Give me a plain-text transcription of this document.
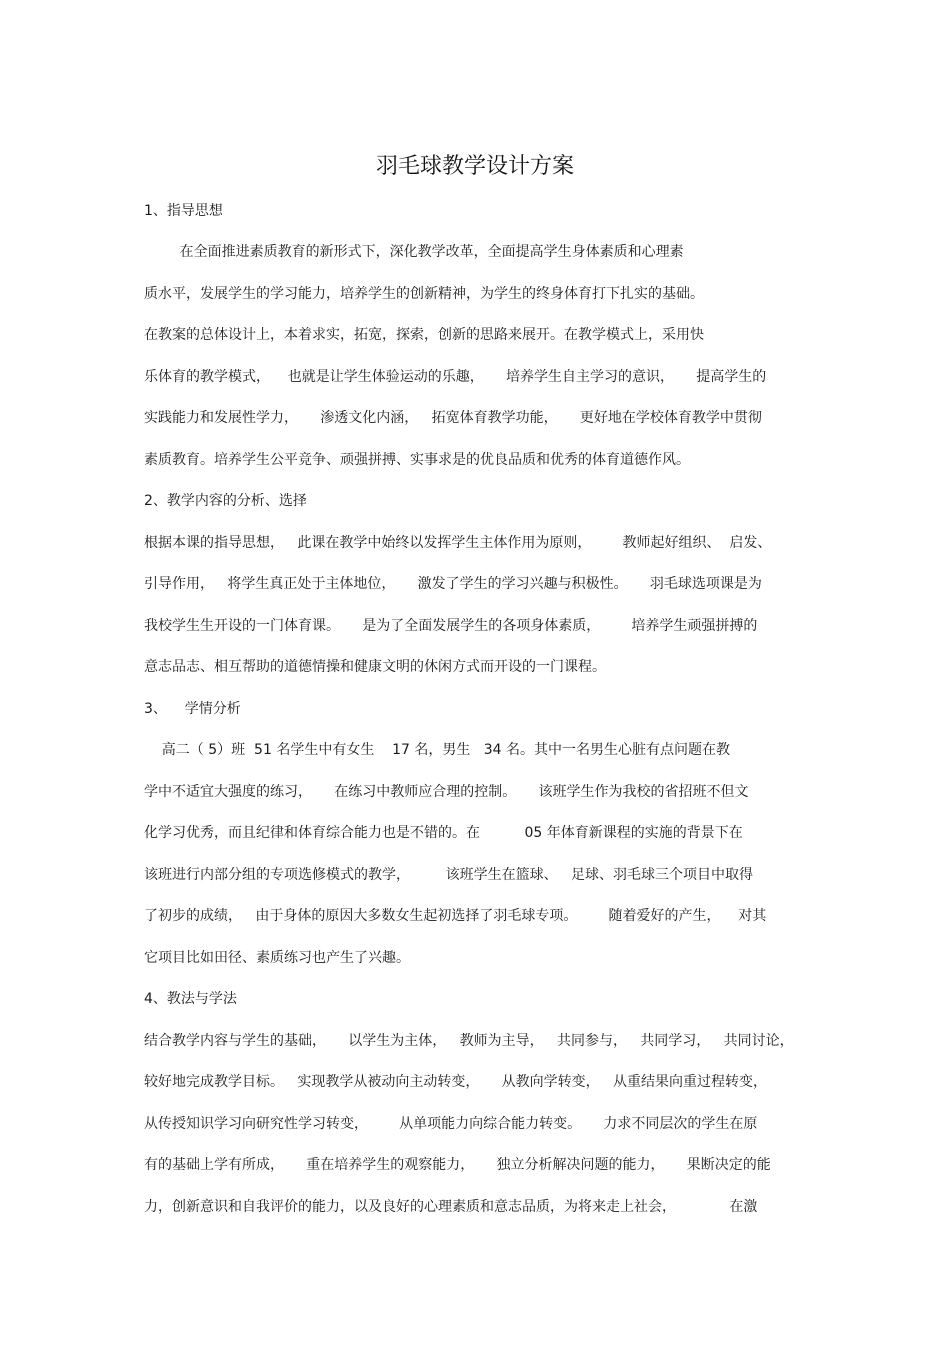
羽毛球教学设计方案
1、指导思想
在全面推进素质教育的新形式下，深化教学改革，全面提高学生身体素质和心理素
质水平，发展学生的学习能力，培养学生的创新精神，为学生的终身体育打下扎实的基础。
在教案的总体设计上，本着求实，拓宽，探索，创新的思路来展开。在教学模式上，采用快
乐体育的教学模式，    也就是让学生体验运动的乐趣，     培养学生自主学习的意识，     提高学生的
实践能力和发展性学力，     渗透文化内涵，   拓宽体育教学功能，     更好地在学校体育教学中贯彻
素质教育。培养学生公平竞争、顽强拼搏、实事求是的优良品质和优秀的体育道德作风。
2、教学内容的分析、选择
根据本课的指导思想，   此课在教学中始终以发挥学生主体作用为原则，       教师起好组织、  启发、
引导作用，   将学生真正处于主体地位，     激发了学生的学习兴趣与积极性。     羽毛球选项课是为
我校学生生开设的一门体育课。     是为了全面发展学生的各项身体素质，       培养学生顽强拼搏的
意志品志、相互帮助的道德情操和健康文明的休闲方式而开设的一门课程。
3、    学情分析
高二（ 5）班  51 名学生中有女生    17 名，男生   34 名。其中一名男生心脏有点问题在教
学中不适宜大强度的练习，     在练习中教师应合理的控制。     该班学生作为我校的省招班不但文
化学习优秀，而且纪律和体育综合能力也是不错的。在          05 年体育新课程的实施的背景下在
该班进行内部分组的专项选修模式的教学，        该班学生在篮球、   足球、羽毛球三个项目中取得
了初步的成绩，   由于身体的原因大多数女生起初选择了羽毛球专项。       随着爱好的产生，    对其
它项目比如田径、素质练习也产生了兴趣。
4、教法与学法
结合教学内容与学生的基础，     以学生为主体，   教师为主导，   共同参与，   共同学习，   共同讨论，
较好地完成教学目标。   实现教学从被动向主动转变，     从教向学转变，   从重结果向重过程转变，
从传授知识学习向研究性学习转变，       从单项能力向综合能力转变。     力求不同层次的学生在原
有的基础上学有所成，     重在培养学生的观察能力，     独立分析解决问题的能力，     果断决定的能
力，创新意识和自我评价的能力，以及良好的心理素质和意志品质，为将来走上社会，            在激
